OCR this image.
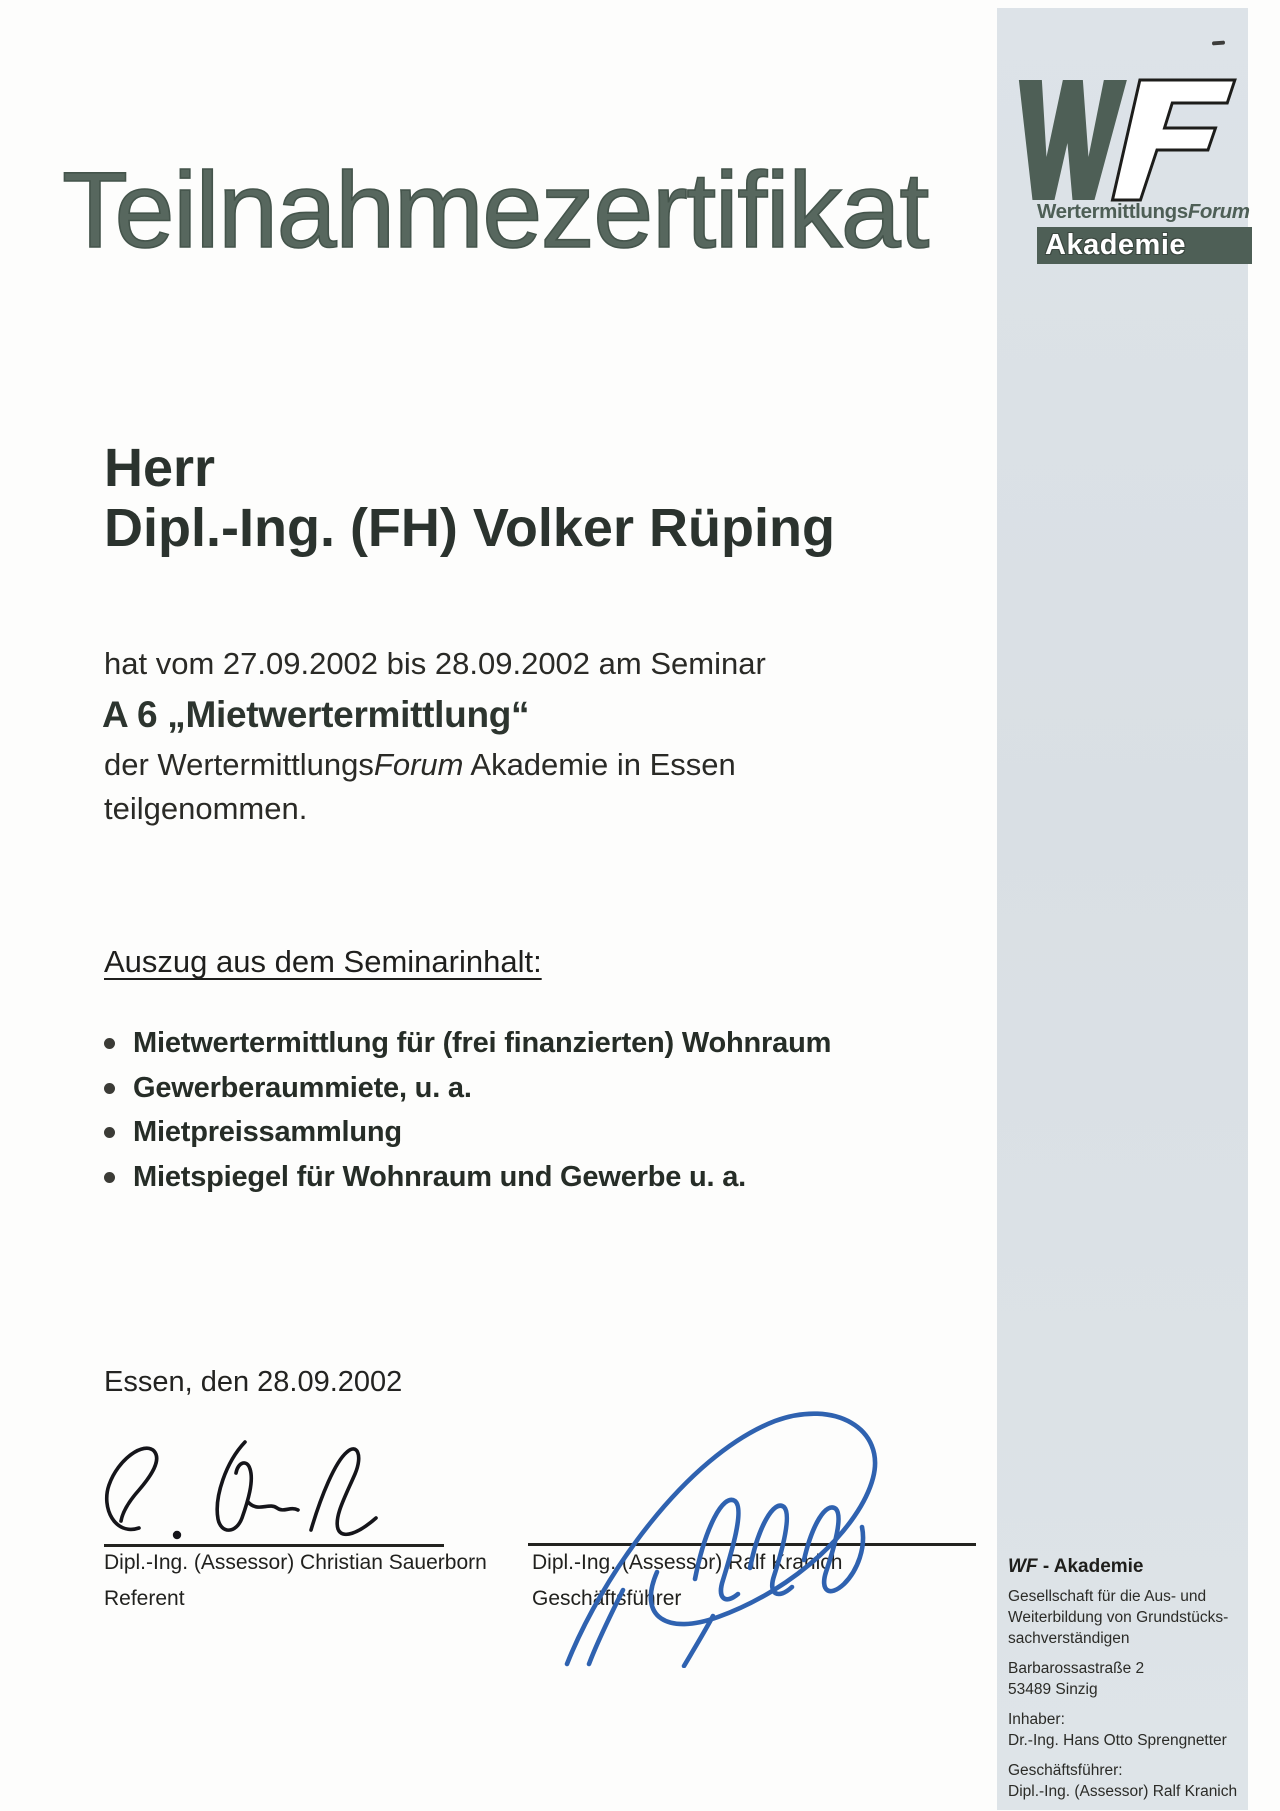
WertermittlungsForum
Akademie
Teilnahmezertifikat
Herr
Dipl.-Ing. (FH) Volker Rüping
hat vom 27.09.2002 bis 28.09.2002 am Seminar
A 6 „Mietwertermittlung“
der WertermittlungsForum Akademie in Essen
teilgenommen.
Auszug aus dem Seminarinhalt:
Mietwertermittlung für (frei finanzierten) Wohnraum
Gewerberaummiete, u. a.
Mietpreissammlung
Mietspiegel für Wohnraum und Gewerbe u. a.
Essen, den 28.09.2002
Dipl.-Ing. (Assessor) Christian Sauerborn
Referent
Dipl.-Ing. (Assessor) Ralf Kranich
Geschäftsführer
WF - Akademie

Gesellschaft für die Aus- und
Weiterbildung von Grundstücks-
sachverständigen

Barbarossastraße 2
53489 Sinzig

Inhaber:
Dr.-Ing. Hans Otto Sprengnetter

Geschäftsführer:
Dipl.-Ing. (Assessor) Ralf Kranich
